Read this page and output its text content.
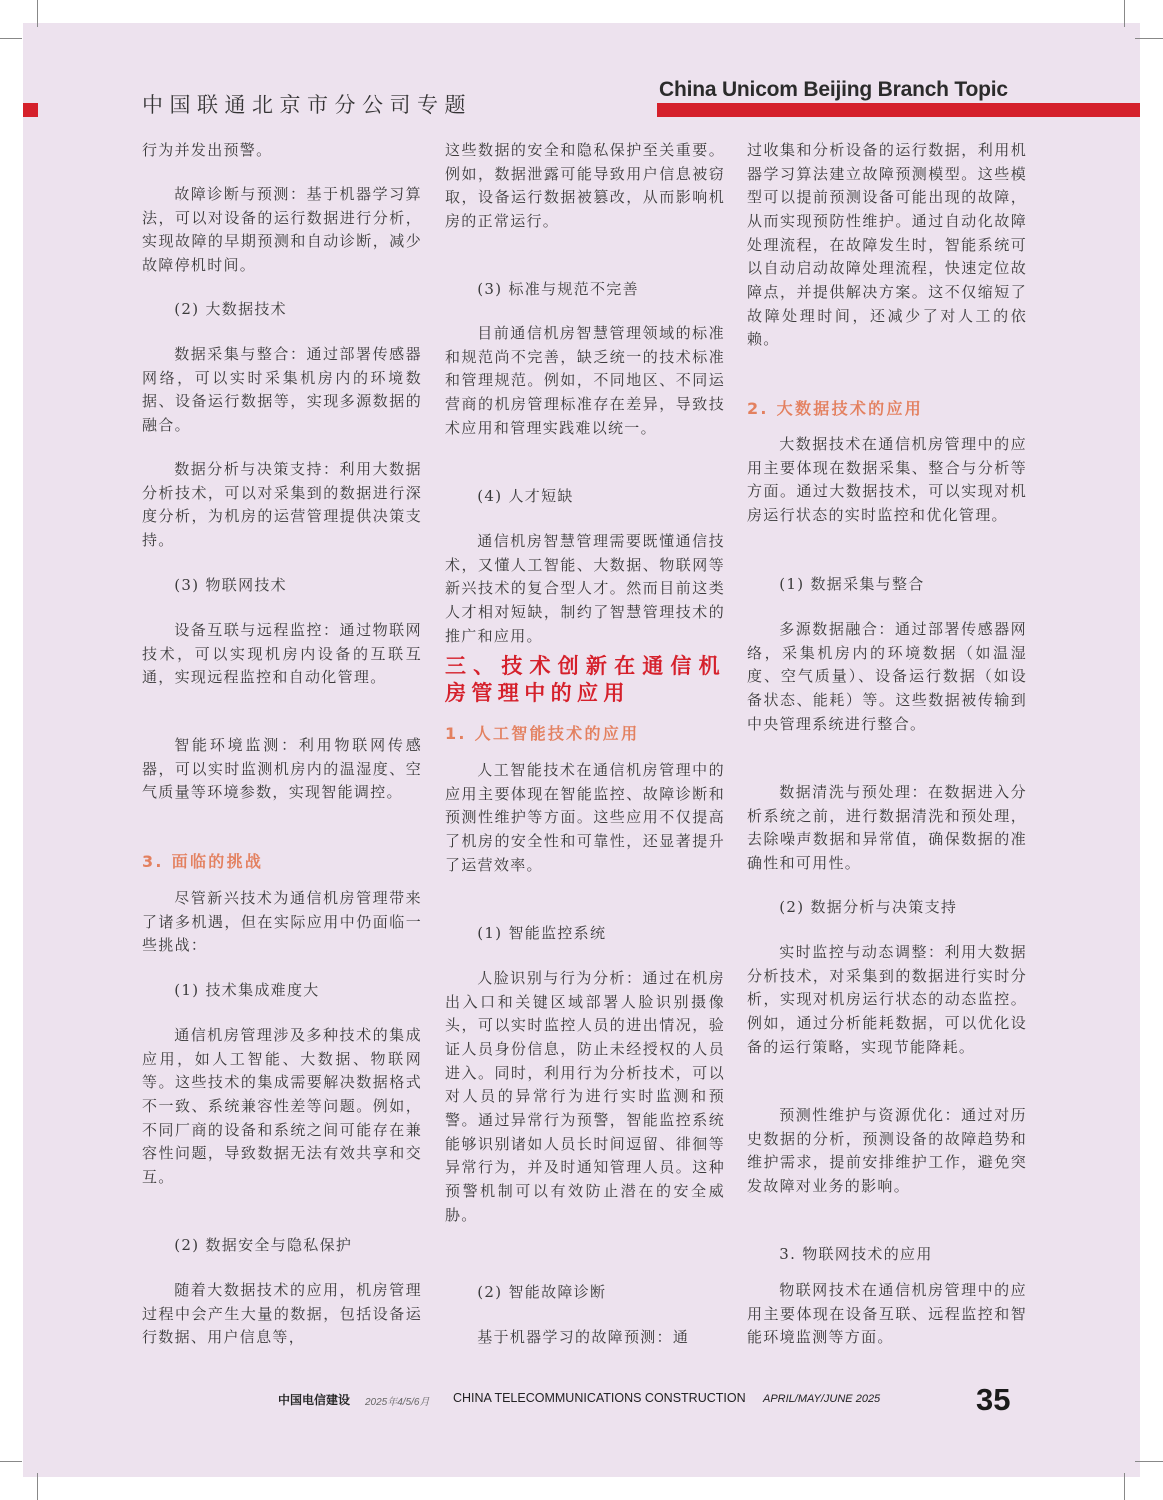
中国联通北京市分公司专题
China Unicom Beijing Branch Topic

行为并发出预警。

故障诊断与预测：基于机器学习算法，可以对设备的运行数据进行分析，实现故障的早期预测和自动诊断，减少故障停机时间。

(2) 大数据技术

数据采集与整合：通过部署传感器网络，可以实时采集机房内的环境数据、设备运行数据等，实现多源数据的融合。

数据分析与决策支持：利用大数据分析技术，可以对采集到的数据进行深度分析，为机房的运营管理提供决策支持。

(3) 物联网技术

设备互联与远程监控：通过物联网技术，可以实现机房内设备的互联互通，实现远程监控和自动化管理。

智能环境监测：利用物联网传感器，可以实时监测机房内的温湿度、空气质量等环境参数，实现智能调控。

3. 面临的挑战

尽管新兴技术为通信机房管理带来了诸多机遇，但在实际应用中仍面临一些挑战：

(1) 技术集成难度大

通信机房管理涉及多种技术的集成应用，如人工智能、大数据、物联网等。这些技术的集成需要解决数据格式不一致、系统兼容性差等问题。例如，不同厂商的设备和系统之间可能存在兼容性问题，导致数据无法有效共享和交互。

(2) 数据安全与隐私保护

随着大数据技术的应用，机房管理过程中会产生大量的数据，包括设备运行数据、用户信息等，

这些数据的安全和隐私保护至关重要。例如，数据泄露可能导致用户信息被窃取，设备运行数据被篡改，从而影响机房的正常运行。

(3) 标准与规范不完善

目前通信机房智慧管理领域的标准和规范尚不完善，缺乏统一的技术标准和管理规范。例如，不同地区、不同运营商的机房管理标准存在差异，导致技术应用和管理实践难以统一。

(4) 人才短缺

通信机房智慧管理需要既懂通信技术，又懂人工智能、大数据、物联网等新兴技术的复合型人才。然而目前这类人才相对短缺，制约了智慧管理技术的推广和应用。

三、技术创新在通信机房管理中的应用

1. 人工智能技术的应用

人工智能技术在通信机房管理中的应用主要体现在智能监控、故障诊断和预测性维护等方面。这些应用不仅提高了机房的安全性和可靠性，还显著提升了运营效率。

(1) 智能监控系统

人脸识别与行为分析：通过在机房出入口和关键区域部署人脸识别摄像头，可以实时监控人员的进出情况，验证人员身份信息，防止未经授权的人员进入。同时，利用行为分析技术，可以对人员的异常行为进行实时监测和预警。通过异常行为预警，智能监控系统能够识别诸如人员长时间逗留、徘徊等异常行为，并及时通知管理人员。这种预警机制可以有效防止潜在的安全威胁。

(2) 智能故障诊断

基于机器学习的故障预测：通

过收集和分析设备的运行数据，利用机器学习算法建立故障预测模型。这些模型可以提前预测设备可能出现的故障，从而实现预防性维护。通过自动化故障处理流程，在故障发生时，智能系统可以自动启动故障处理流程，快速定位故障点，并提供解决方案。这不仅缩短了故障处理时间，还减少了对人工的依赖。

2. 大数据技术的应用

大数据技术在通信机房管理中的应用主要体现在数据采集、整合与分析等方面。通过大数据技术，可以实现对机房运行状态的实时监控和优化管理。

(1) 数据采集与整合

多源数据融合：通过部署传感器网络，采集机房内的环境数据（如温湿度、空气质量）、设备运行数据（如设备状态、能耗）等。这些数据被传输到中央管理系统进行整合。

数据清洗与预处理：在数据进入分析系统之前，进行数据清洗和预处理，去除噪声数据和异常值，确保数据的准确性和可用性。

(2) 数据分析与决策支持

实时监控与动态调整：利用大数据分析技术，对采集到的数据进行实时分析，实现对机房运行状态的动态监控。例如，通过分析能耗数据，可以优化设备的运行策略，实现节能降耗。

预测性维护与资源优化：通过对历史数据的分析，预测设备的故障趋势和维护需求，提前安排维护工作，避免突发故障对业务的影响。

3. 物联网技术的应用

物联网技术在通信机房管理中的应用主要体现在设备互联、远程监控和智能环境监测等方面。

中国电信建设 2025年4/5/6月 CHINA TELECOMMUNICATIONS CONSTRUCTION APRIL/MAY/JUNE 2025	35
